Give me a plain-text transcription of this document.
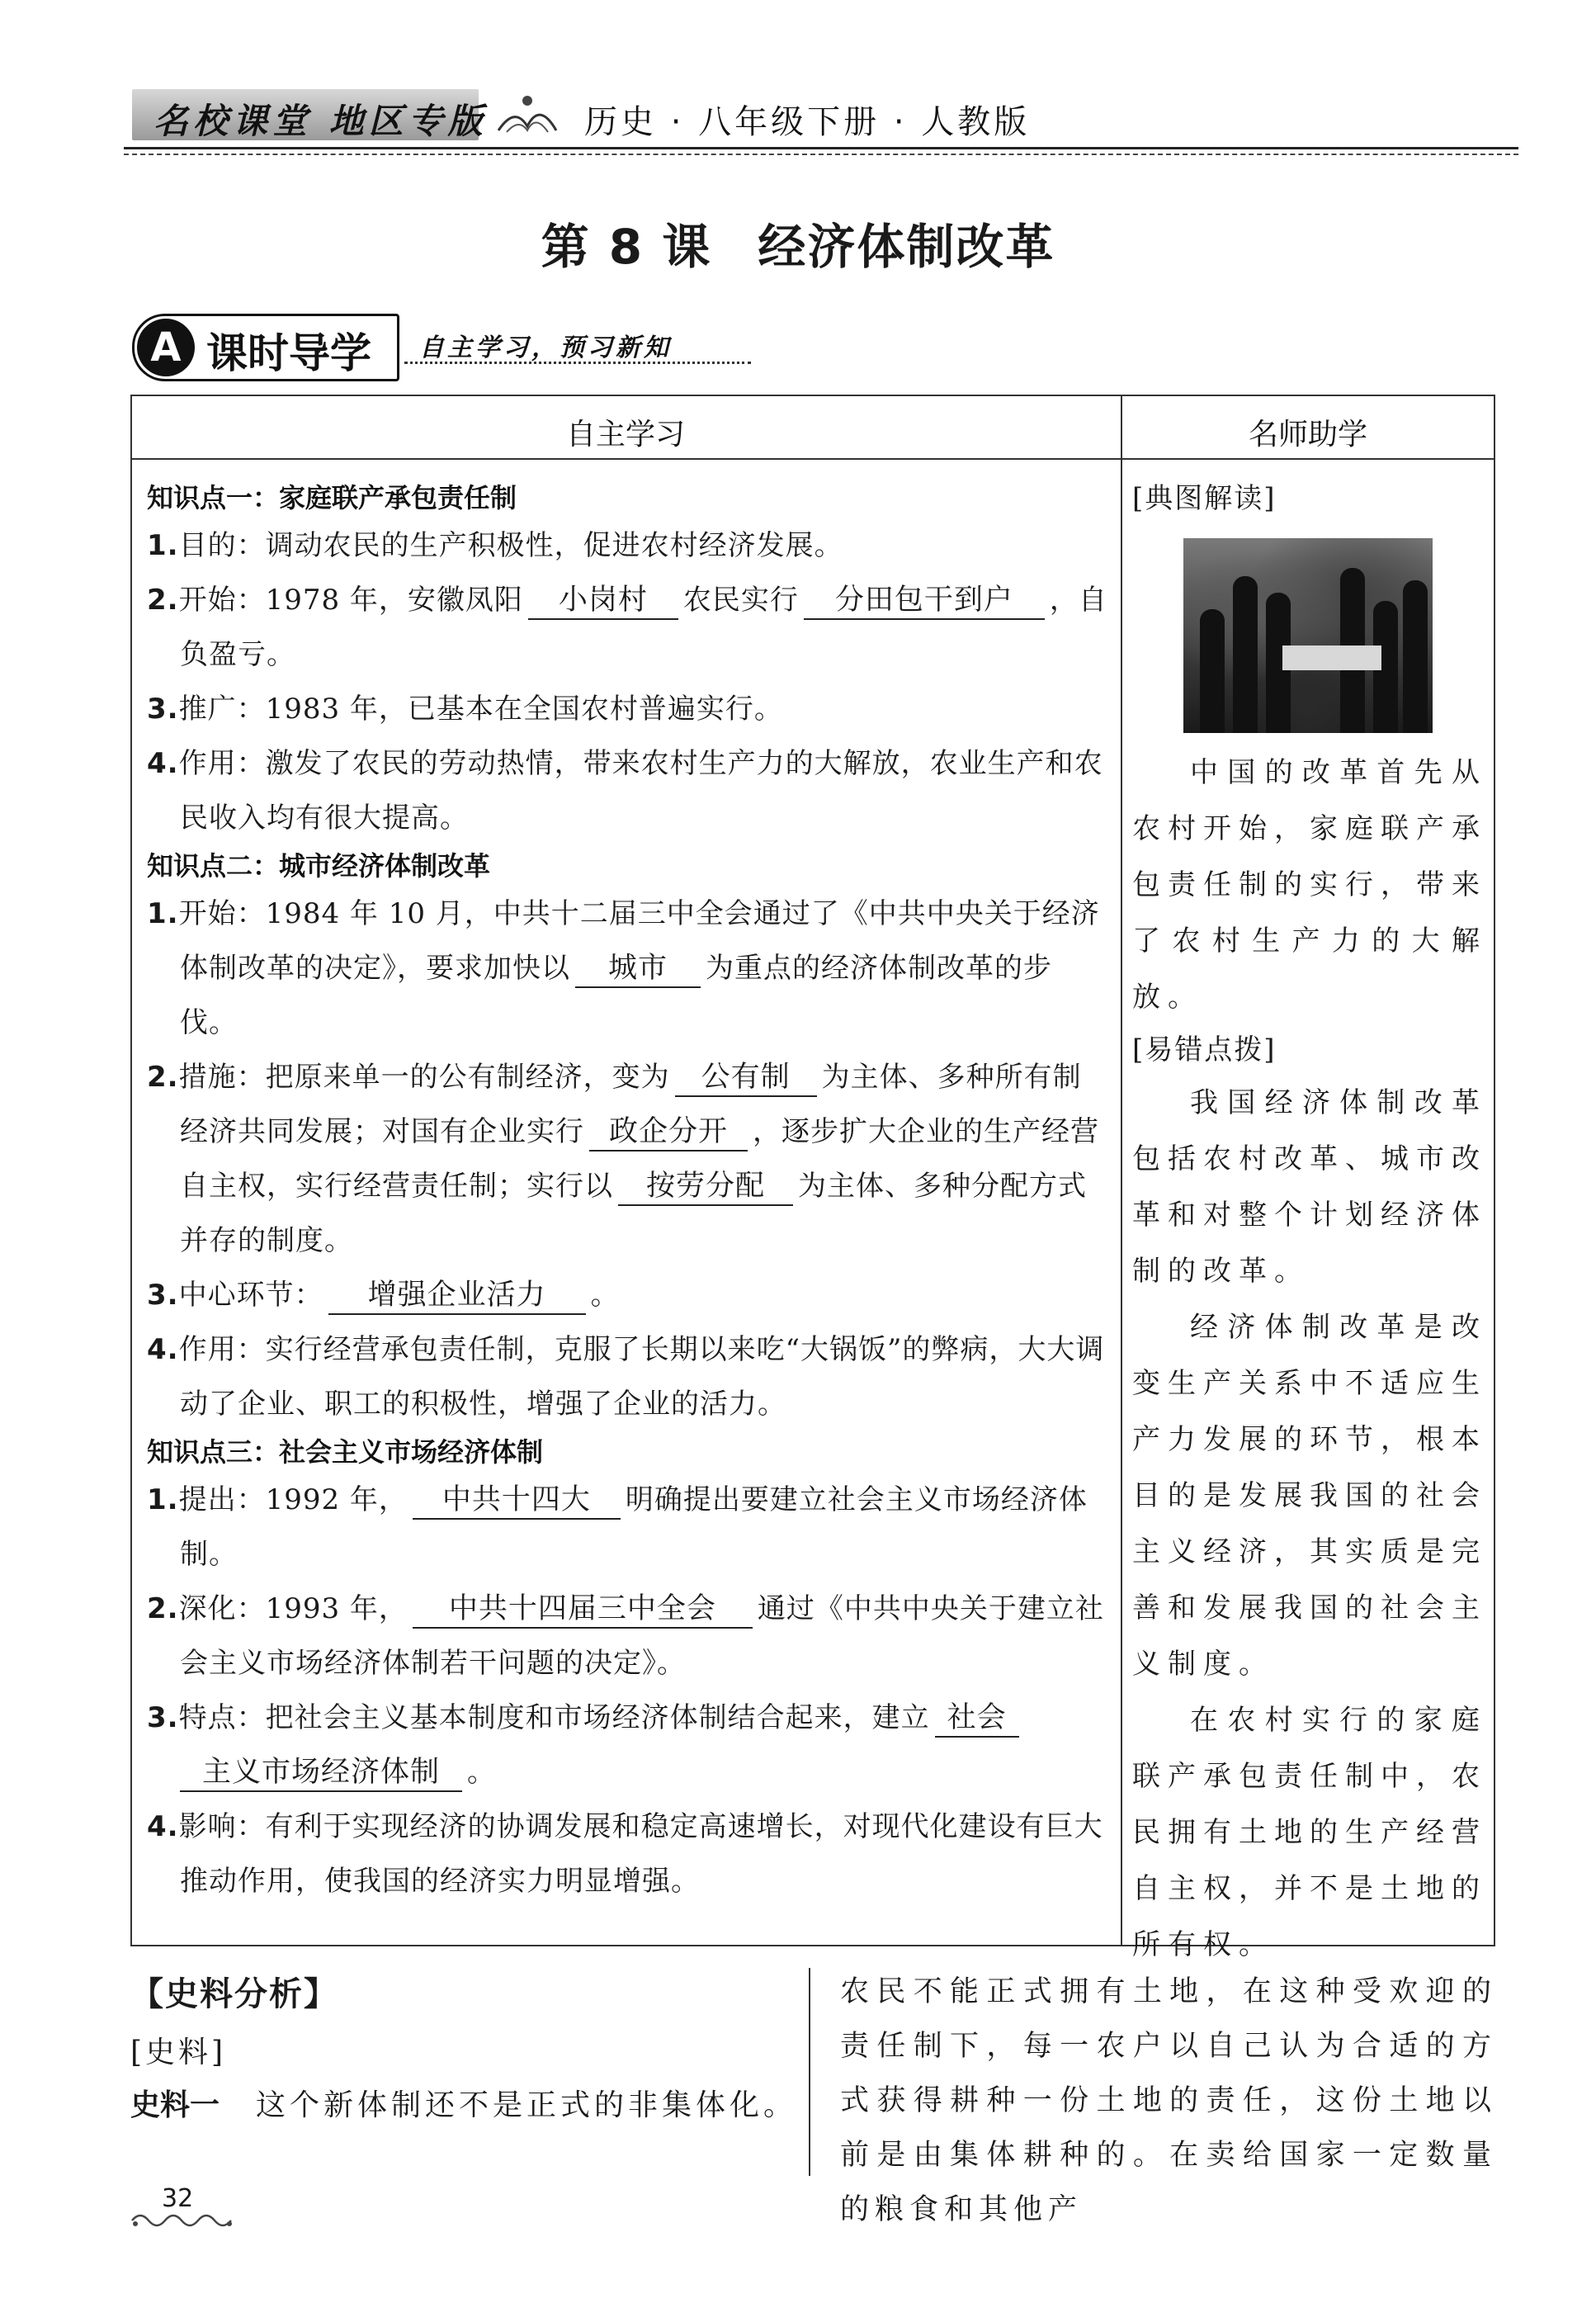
名校课堂 地区专版	历史 · 八年级下册 · 人教版
第 8 课 经济体制改革
A 课时导学 自主学习，预习新知
自主学习	名师助学

知识点一：家庭联产承包责任制

1.目的：调动农民的生产积极性，促进农村经济发展。

2.开始：1978 年，安徽凤阳 小岗村 农民实行 分田包干到户 ，自负盈亏。

3.推广：1983 年，已基本在全国农村普遍实行。

4.作用：激发了农民的劳动热情，带来农村生产力的大解放，农业生产和农民收入均有很大提高。

知识点二：城市经济体制改革

1.开始：1984 年 10 月，中共十二届三中全会通过了《中共中央关于经济体制改革的决定》，要求加快以 城市 为重点的经济体制改革的步伐。

2.措施：把原来单一的公有制经济，变为 公有制 为主体、多种所有制经济共同发展；对国有企业实行 政企分开 ，逐步扩大企业的生产经营自主权，实行经营责任制；实行以 按劳分配 为主体、多种分配方式并存的制度。

3.中心环节： 增强企业活力 。

4.作用：实行经营承包责任制，克服了长期以来吃“大锅饭”的弊病，大大调动了企业、职工的积极性，增强了企业的活力。

知识点三：社会主义市场经济体制

1.提出：1992 年， 中共十四大 明确提出要建立社会主义市场经济体制。

2.深化：1993 年， 中共十四届三中全会 通过《中共中央关于建立社会主义市场经济体制若干问题的决定》。

3.特点：把社会主义基本制度和市场经济体制结合起来，建立 社会主义市场经济体制 。

4.影响：有利于实现经济的协调发展和稳定高速增长，对现代化建设有巨大推动作用，使我国的经济实力明显增强。

[典图解读]

中国的改革首先从农村开始，家庭联产承包责任制的实行，带来了农村生产力的大解放。

[易错点拨]

我国经济体制改革包括农村改革、城市改革和对整个计划经济体制的改革。

经济体制改革是改变生产关系中不适应生产力发展的环节，根本目的是发展我国的社会主义经济，其实质是完善和发展我国的社会主义制度。

在农村实行的家庭联产承包责任制中，农民拥有土地的生产经营自主权，并不是土地的所有权。

【史料分析】
[史料]
史料一 这个新体制还不是正式的非集体化。
农民不能正式拥有土地，在这种受欢迎的责任制下，每一农户以自己认为合适的方式获得耕种一份土地的责任，这份土地以前是由集体耕种的。在卖给国家一定数量的粮食和其他产
32
